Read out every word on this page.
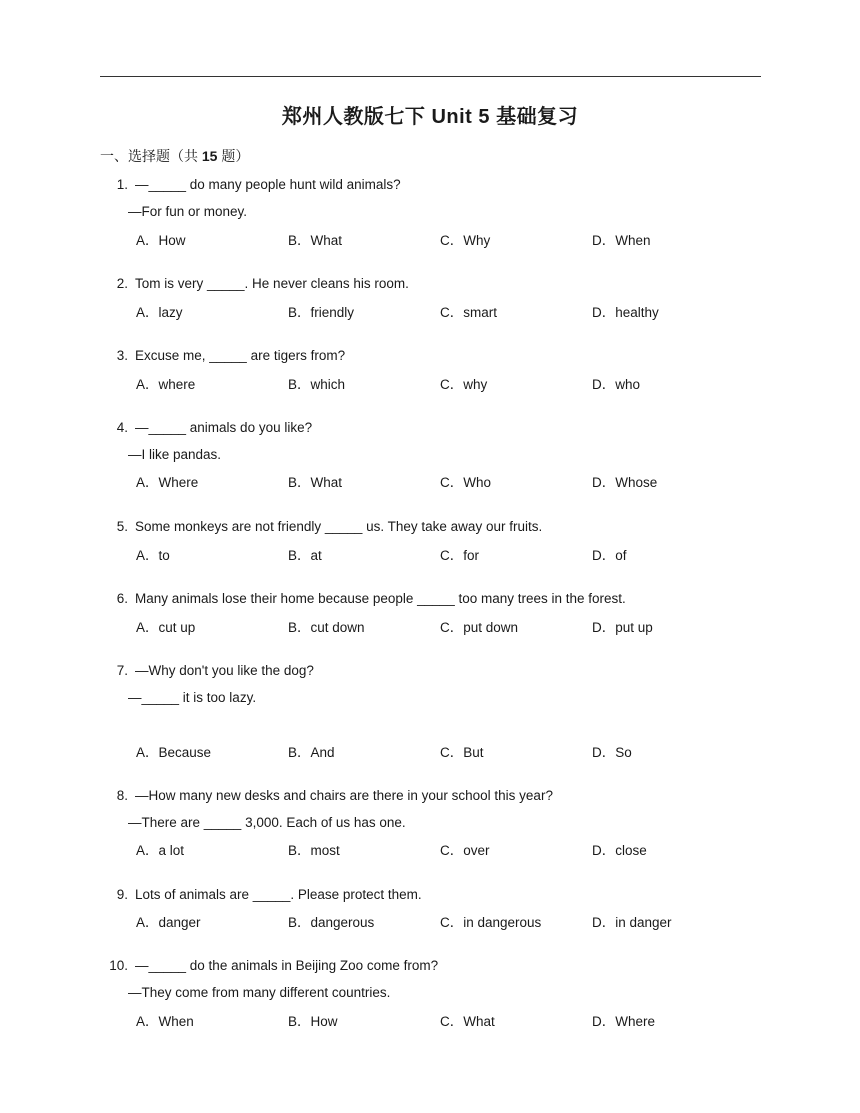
郑州人教版七下 Unit 5 基础复习
一、选择题（共 15 题）
1. —_____ do many people hunt wild animals?
—For fun or money.
A．How	B．What	C．Why	D．When
2. Tom is very _____. He never cleans his room.
A．lazy	B．friendly	C．smart	D．healthy
3. Excuse me, _____ are tigers from?
A．where	B．which	C．why	D．who
4. —_____ animals do you like?
—I like pandas.
A．Where	B．What	C．Who	D．Whose
5. Some monkeys are not friendly _____ us. They take away our fruits.
A．to	B．at	C．for	D．of
6. Many animals lose their home because people _____ too many trees in the forest.
A．cut up	B．cut down	C．put down	D．put up
7. —Why don't you like the dog?
—_____ it is too lazy.
A．Because	B．And	C．But	D．So
8. —How many new desks and chairs are there in your school this year?
—There are _____ 3,000. Each of us has one.
A．a lot	B．most	C．over	D．close
9. Lots of animals are _____. Please protect them.
A．danger	B．dangerous	C．in dangerous	D．in danger
10. —_____ do the animals in Beijing Zoo come from?
—They come from many different countries.
A．When	B．How	C．What	D．Where
